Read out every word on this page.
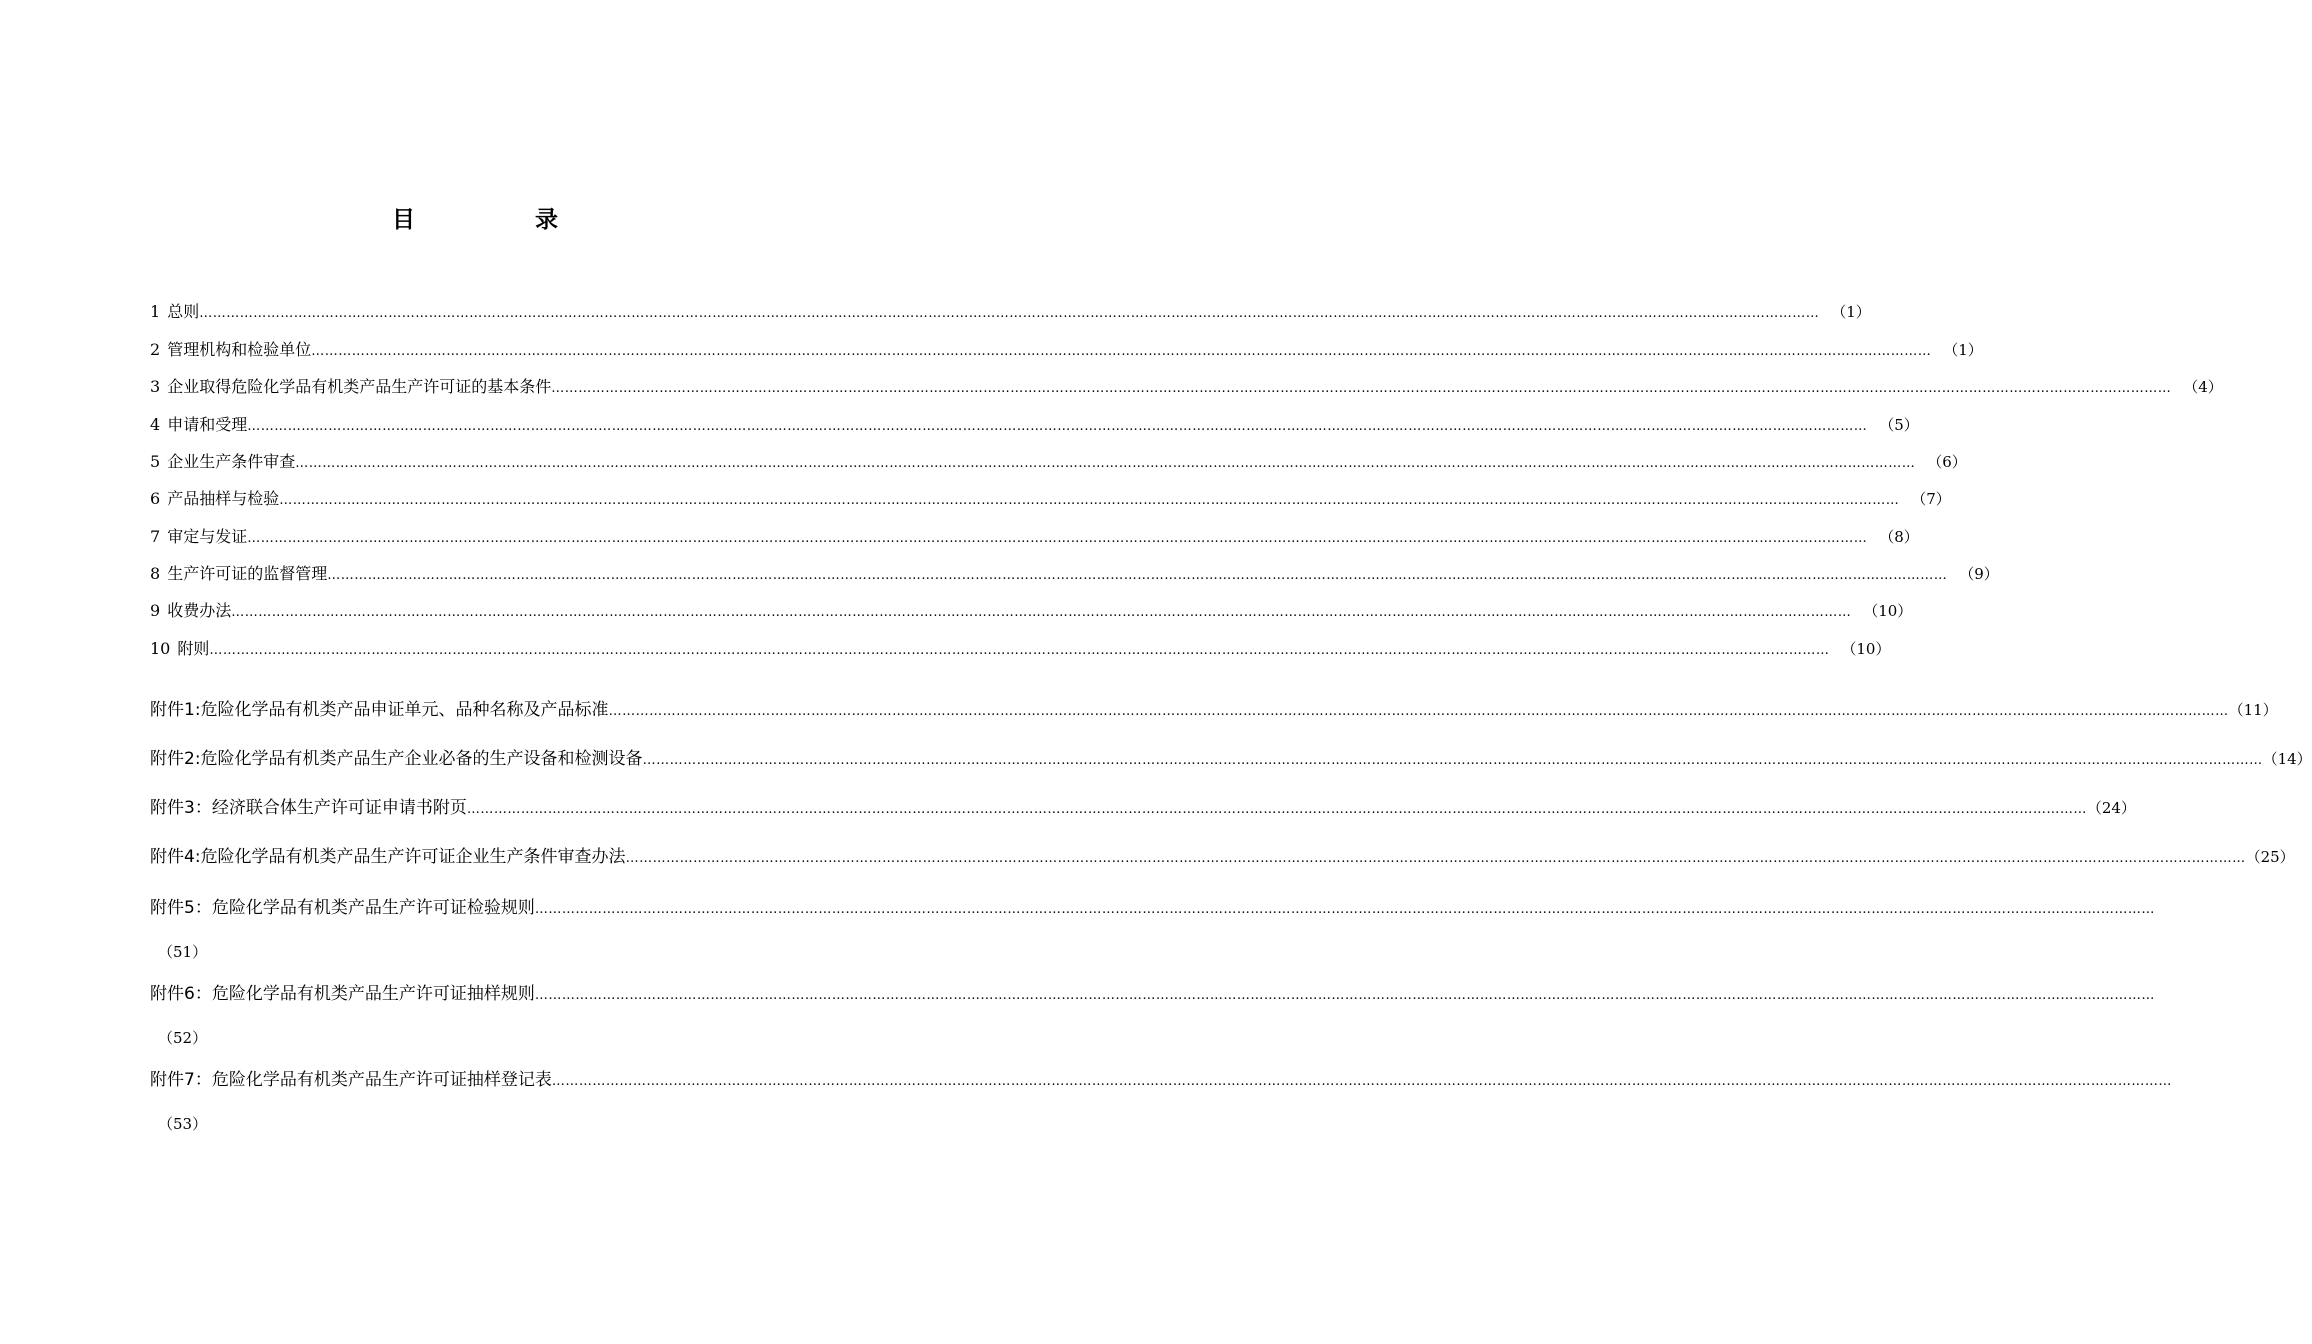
目	录
1 总则 ……………………………………………………………………………………………………………………………………………………………………………………………………………………………………………………………………………………………………………………………… （1）
2 管理机构和检验单位 ……………………………………………………………………………………………………………………………………………………………………………………………………………………………………………………………………………………………………………………………… （1）
3 企业取得危险化学品有机类产品生产许可证的基本条件 ……………………………………………………………………………………………………………………………………………………………………………………………………………………………………………………………………………………………………………………………… （4）
4 申请和受理 ……………………………………………………………………………………………………………………………………………………………………………………………………………………………………………………………………………………………………………………………… （5）
5 企业生产条件审查 ……………………………………………………………………………………………………………………………………………………………………………………………………………………………………………………………………………………………………………………………… （6）
6 产品抽样与检验 ……………………………………………………………………………………………………………………………………………………………………………………………………………………………………………………………………………………………………………………………… （7）
7 审定与发证 ……………………………………………………………………………………………………………………………………………………………………………………………………………………………………………………………………………………………………………………………… （8）
8 生产许可证的监督管理 ……………………………………………………………………………………………………………………………………………………………………………………………………………………………………………………………………………………………………………………………… （9）
9 收费办法 ……………………………………………………………………………………………………………………………………………………………………………………………………………………………………………………………………………………………………………………………… （10）
10 附则 ……………………………………………………………………………………………………………………………………………………………………………………………………………………………………………………………………………………………………………………………… （10）
附件1 : 危险化学品有机类产品申证单元、品种名称及产品标准 ……………………………………………………………………………………………………………………………………………………………………………………………………………………………………………………………………………………………………………………………… （11）
附件2 : 危险化学品有机类产品生产企业必备的生产设备和检测设备 ……………………………………………………………………………………………………………………………………………………………………………………………………………………………………………………………………………………………………………………………… （14）
附件3 ： 经济联合体生产许可证申请书附页 ……………………………………………………………………………………………………………………………………………………………………………………………………………………………………………………………………………………………………………………………… （24）
附件4 : 危险化学品有机类产品生产许可证企业生产条件审查办法 ……………………………………………………………………………………………………………………………………………………………………………………………………………………………………………………………………………………………………………………………… （25）
附件5 ： 危险化学品有机类产品生产许可证检验规则 ………………………………………………………………………………………………………………………………………………………………………………………………………………………………………………………………………………………………………………………………
（51）
附件6 ： 危险化学品有机类产品生产许可证抽样规则 ………………………………………………………………………………………………………………………………………………………………………………………………………………………………………………………………………………………………………………………………
（52）
附件7 ： 危险化学品有机类产品生产许可证抽样登记表 ………………………………………………………………………………………………………………………………………………………………………………………………………………………………………………………………………………………………………………………………
（53）
